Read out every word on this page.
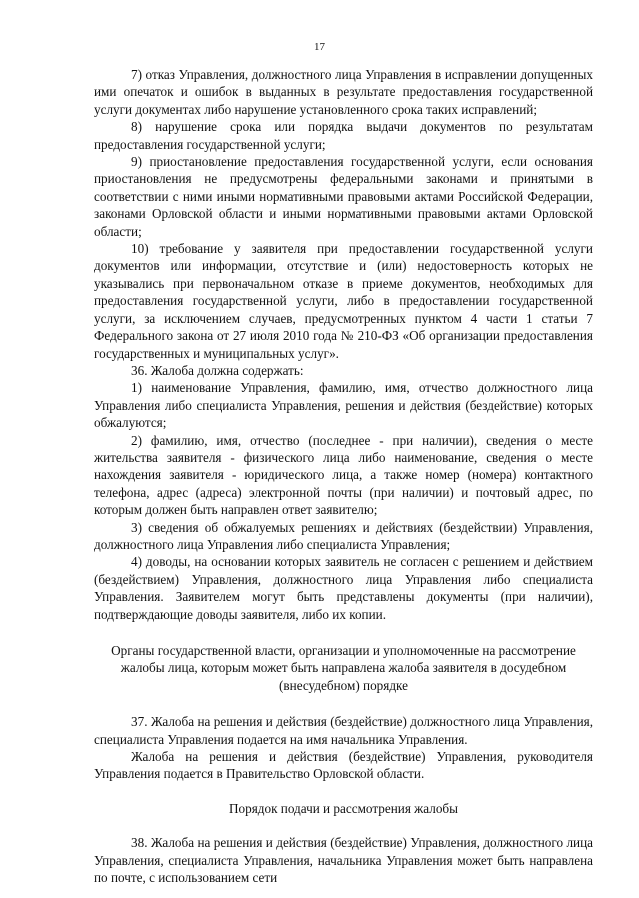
17

7) отказ Управления, должностного лица Управления в исправлении допущенных ими опечаток и ошибок в выданных в результате предоставления государственной услуги документах либо нарушение установленного срока таких исправлений;

8) нарушение срока или порядка выдачи документов по результатам предоставления государственной услуги;

9) приостановление предоставления государственной услуги, если основания приостановления не предусмотрены федеральными законами и принятыми в соответствии с ними иными нормативными правовыми актами Российской Федерации, законами Орловской области и иными нормативными правовыми актами Орловской области;

10) требование у заявителя при предоставлении государственной услуги документов или информации, отсутствие и (или) недостоверность которых не указывались при первоначальном отказе в приеме документов, необходимых для предоставления государственной услуги, либо в предоставлении государственной услуги, за исключением случаев, предусмотренных пунктом 4 части 1 статьи 7 Федерального закона от 27 июля 2010 года № 210-ФЗ «Об организации предоставления государственных и муниципальных услуг».

36. Жалоба должна содержать:

1) наименование Управления, фамилию, имя, отчество должностного лица Управления либо специалиста Управления, решения и действия (бездействие) которых обжалуются;

2) фамилию, имя, отчество (последнее - при наличии), сведения о месте жительства заявителя - физического лица либо наименование, сведения о месте нахождения заявителя - юридического лица, а также номер (номера) контактного телефона, адрес (адреса) электронной почты (при наличии) и почтовый адрес, по которым должен быть направлен ответ заявителю;

3) сведения об обжалуемых решениях и действиях (бездействии) Управления, должностного лица Управления либо специалиста Управления;

4) доводы, на основании которых заявитель не согласен с решением и действием (бездействием) Управления, должностного лица Управления либо специалиста Управления. Заявителем могут быть представлены документы (при наличии), подтверждающие доводы заявителя, либо их копии.

Органы государственной власти, организации и уполномоченные на рассмотрение жалобы лица, которым может быть направлена жалоба заявителя в досудебном (внесудебном) порядке

37. Жалоба на решения и действия (бездействие) должностного лица Управления, специалиста Управления подается на имя начальника Управления.

Жалоба на решения и действия (бездействие) Управления, руководителя Управления подается в Правительство Орловской области.

Порядок подачи и рассмотрения жалобы

38. Жалоба на решения и действия (бездействие) Управления, должностного лица Управления, специалиста Управления, начальника Управления может быть направлена по почте, с использованием сети
